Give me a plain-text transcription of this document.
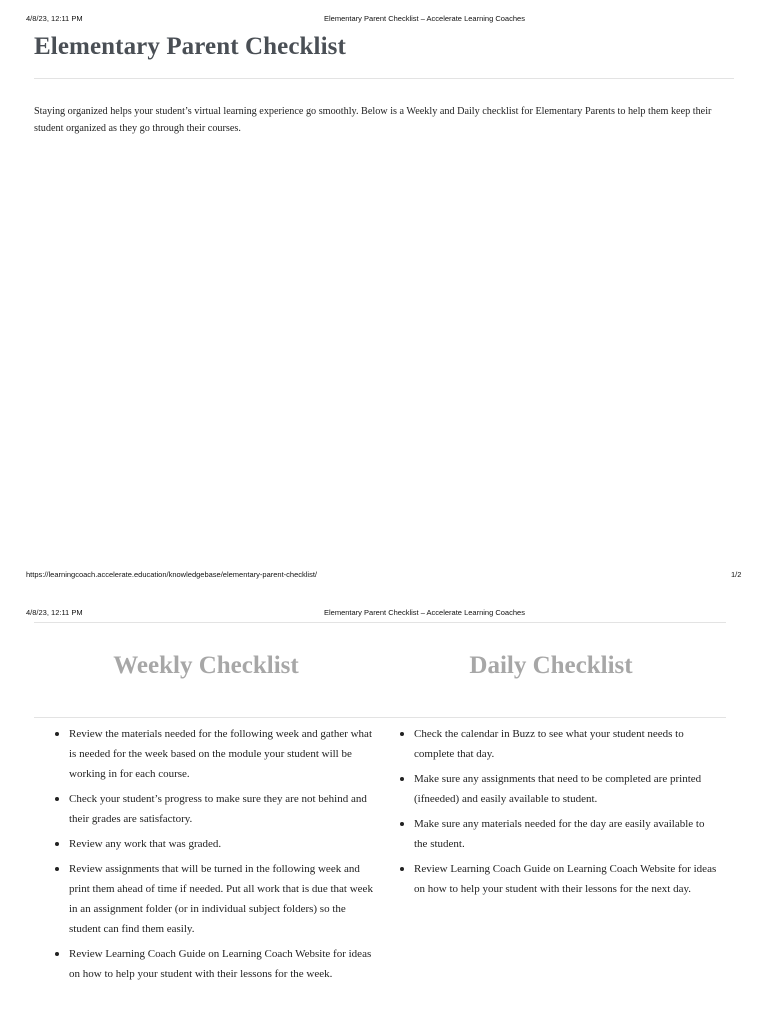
4/8/23, 12:11 PM	Elementary Parent Checklist – Accelerate Learning Coaches
Elementary Parent Checklist

Staying organized helps your student’s virtual learning experience go smoothly. Below is a Weekly and Daily checklist for Elementary Parents to help them keep their student organized as they go through their courses.

https://learningcoach.accelerate.education/knowledgebase/elementary-parent-checklist/	1/2
4/8/23, 12:11 PM	Elementary Parent Checklist – Accelerate Learning Coaches
Weekly Checklist	Daily Checklist
Review the materials needed for the following week and gather what is needed for the week based on the module your student will be working in for each course.
Check your student’s progress to make sure they are not behind and their grades are satisfactory.
Review any work that was graded.
Review assignments that will be turned in the following week and print them ahead of time if needed. Put all work that is due that week in an assignment folder (or in individual subject folders) so the student can find them easily.
Review Learning Coach Guide on Learning Coach Website for ideas on how to help your student with their lessons for the week.
Check the calendar in Buzz to see what your student needs to complete that day.
Make sure any assignments that need to be completed are printed (ifneeded) and easily available to student.
Make sure any materials needed for the day are easily available to the student.
Review Learning Coach Guide on Learning Coach Website for ideas on how to help your student with their lessons for the next day.
